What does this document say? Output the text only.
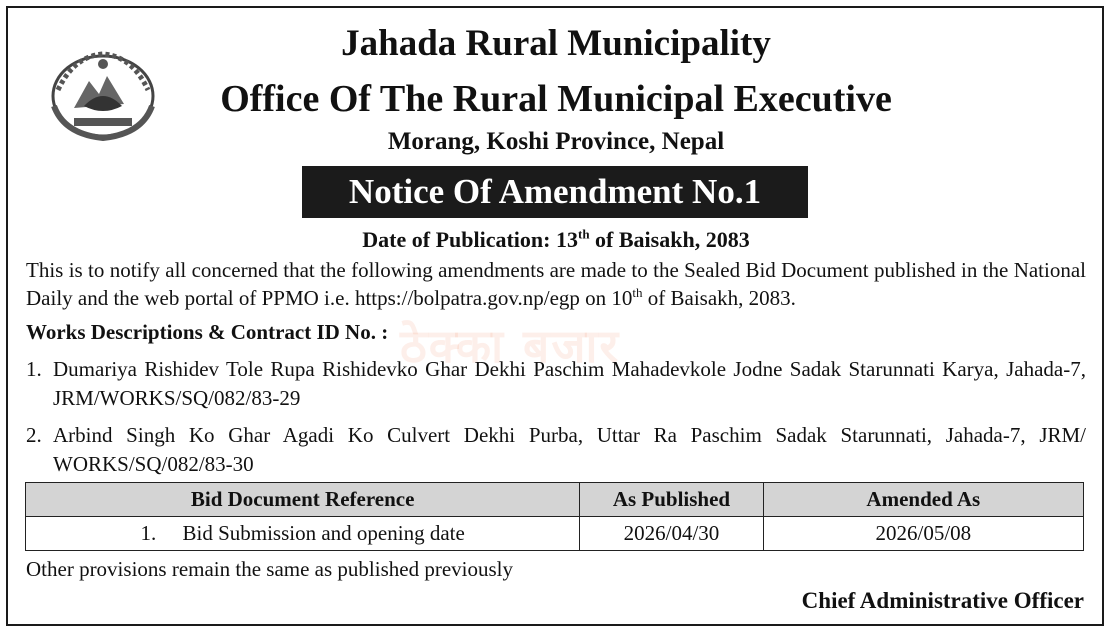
Jahada Rural Municipality
Office Of The Rural Municipal Executive
Morang, Koshi Province, Nepal
Notice Of Amendment No.1
Date of Publication: 13th of Baisakh, 2083
This is to notify all concerned that the following amendments are made to the Sealed Bid Document published in the National Daily and the web portal of PPMO i.e. https://bolpatra.gov.np/egp on 10th of Baisakh, 2083.
ठेक्का बजार
Works Descriptions & Contract ID No. :
1. Dumariya Rishidev Tole Rupa Rishidevko Ghar Dekhi Paschim Mahadevkole Jodne Sadak Starunnati Karya, Jahada-7, JRM/WORKS/SQ/082/83-29
2. Arbind Singh Ko Ghar Agadi Ko Culvert Dekhi Purba, Uttar Ra Paschim Sadak Starunnati, Jahada-7, JRM/ WORKS/SQ/082/83-30
Bid Document Reference	As Published	Amended As
1.     Bid Submission and opening date	2026/04/30	2026/05/08
Other provisions remain the same as published previously
Chief Administrative Officer
